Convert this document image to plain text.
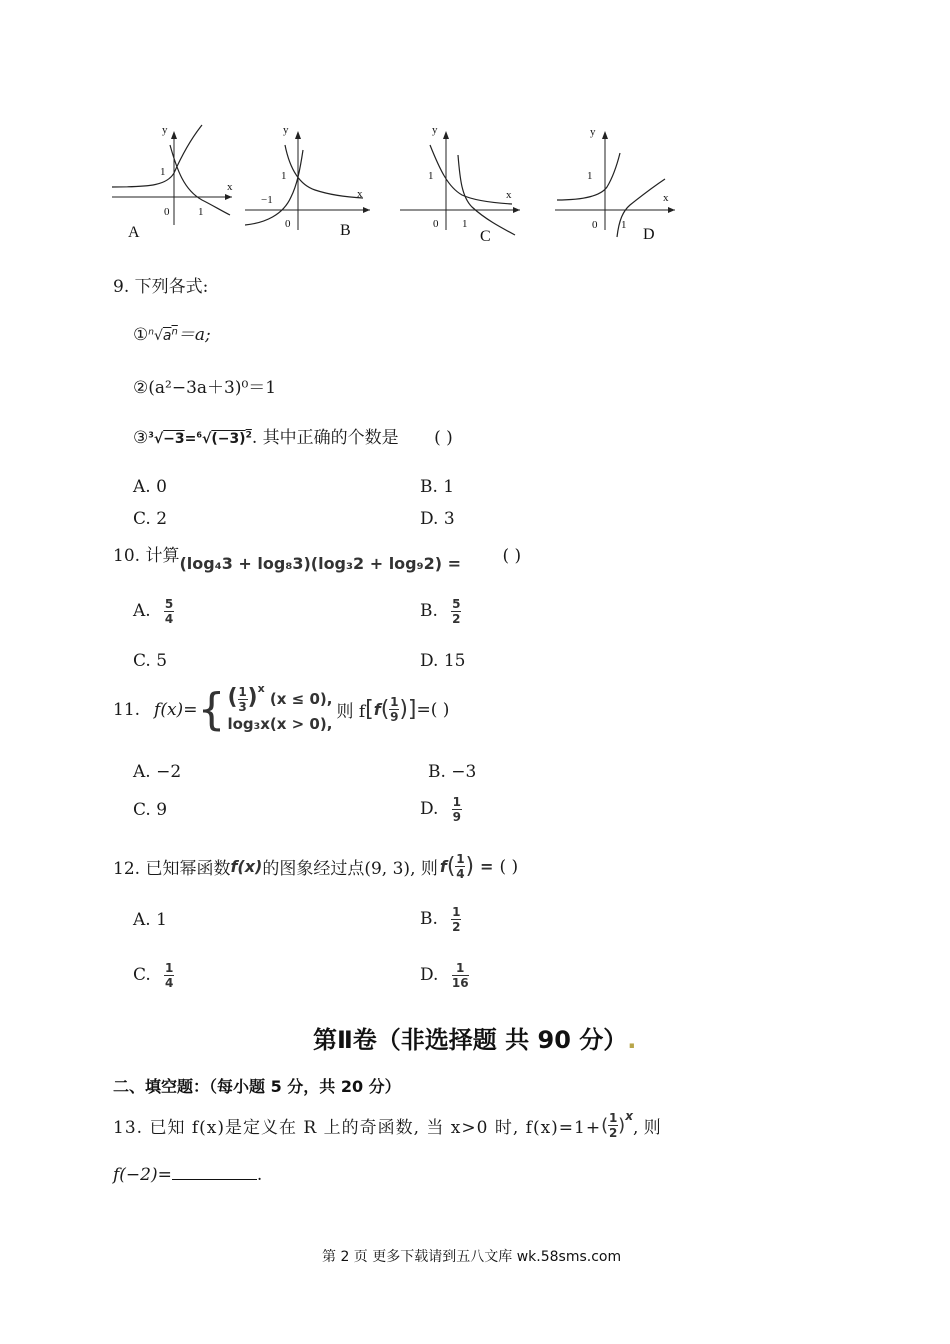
y
x
1
0	1
A
y
x
1
−1
0	B
y
x
1
0 1
C
y
x
1
0 1
D
9. 下列各式:
$①^n√a^n=a$;
②(a²−3a＋3)⁰＝1
$③^3√-3=^6√(-3)^2$. 其中正确的个数是 ( )
A. 0	B. 1
C. 2	D. 3
10. 计算(log₄3 + log₈3)(log₃2 + log₉2) = ( )
A. $\frac{5}{4}$	B. $\frac{5}{2}$
C. 5	D. 15
11. f(x)= { ( $\frac{1}{3} )^x$ (x ≤ 0),
log₃x(x > 0),
则 f [ f ( $\frac{1}{9}$ ) ] =( )
A. −2	B. −3
C. 9	D. $\frac{1}{9}$
12. 已知幂函数 f(x) 的图象经过点(9, 3), 则 f ( $\frac{1}{4}$ ) = ( )
A. 1	B. $\frac{1}{2}$
C. $\frac{1}{4}$	D. $\frac{1}{16}$
第Ⅱ卷（非选择题 共 90 分）.
二、填空题：（每小题 5 分，共 20 分）
13. 已知 f(x)是定义在 R 上的奇函数, 当 x>0 时, f(x)=1+ ( $\frac{1}{2} )^x$
, 则
f(−2)=	.
第 2 页 更多下载请到五八文库 wk.58sms.com
